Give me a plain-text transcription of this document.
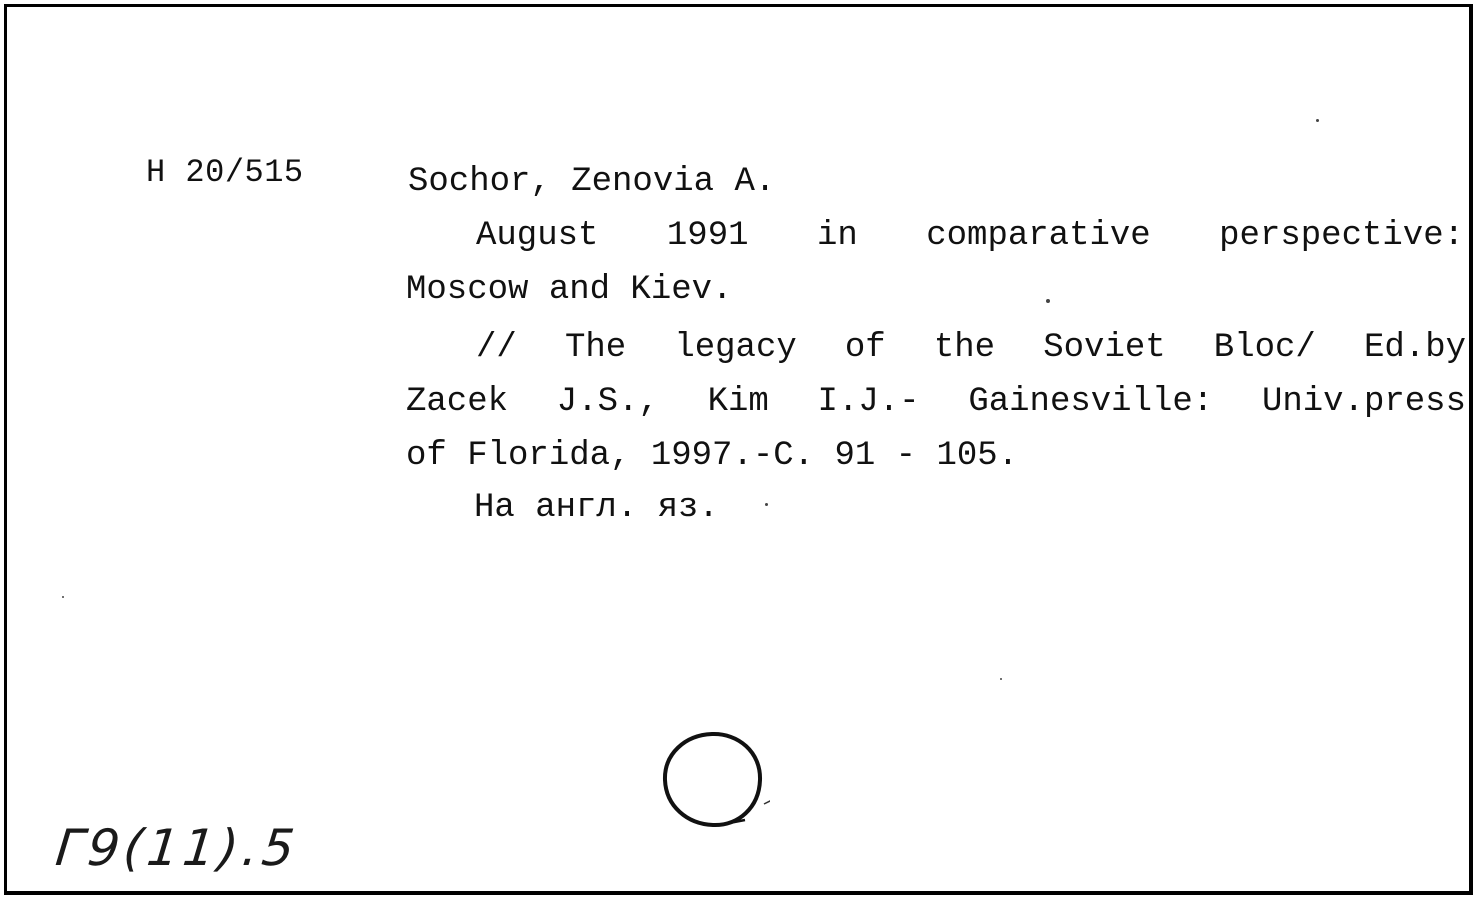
H 20/515	Sochor, Zenovia A.
August 1991 in comparative perspective:
Moscow and Kiev.
// The legacy of the Soviet Bloc/ Ed.by
Zacek J.S., Kim I.J.- Gainesville: Univ.press
of Florida, 1997.-C. 91 - 105.
На англ. яз.
Г9(11).5
